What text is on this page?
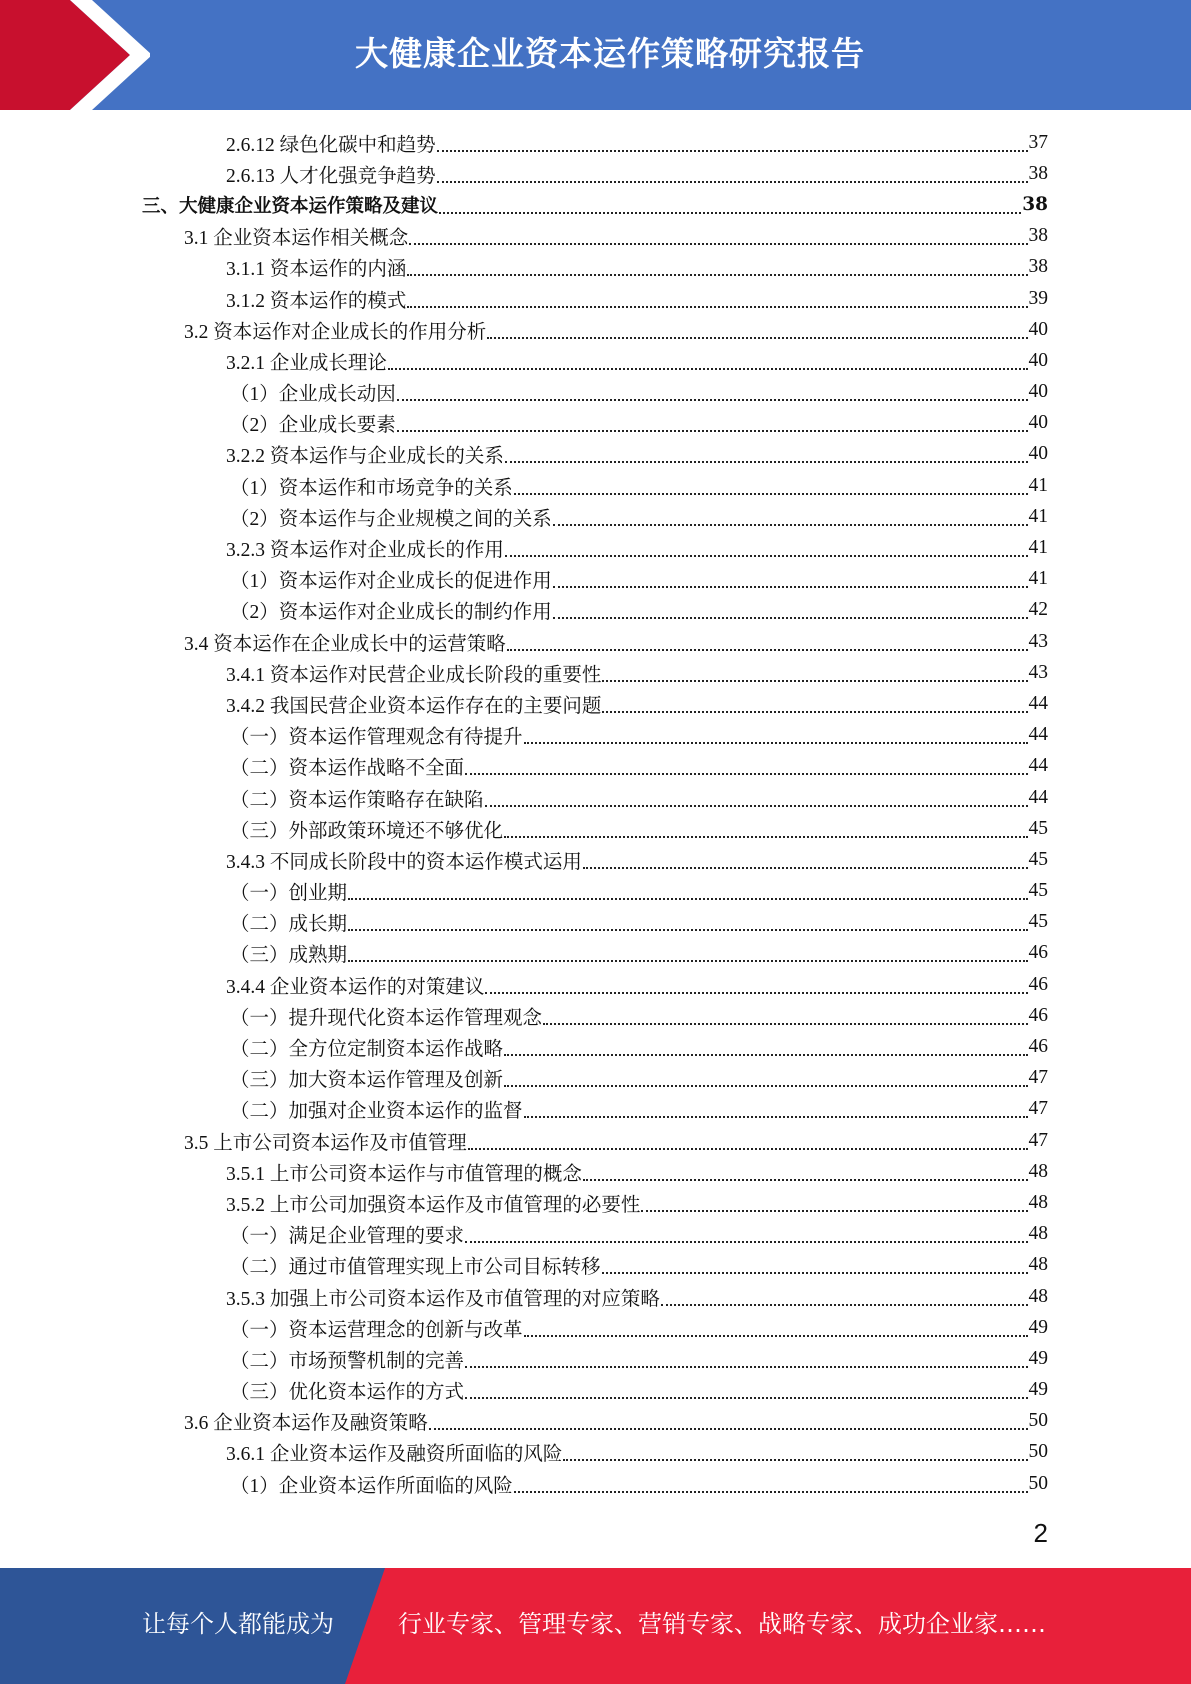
大健康企业资本运作策略研究报告
2.6.12 绿色化碳中和趋势	37
2.6.13 人才化强竞争趋势	38
三、大健康企业资本运作策略及建议	38
3.1 企业资本运作相关概念	38
3.1.1 资本运作的内涵	38
3.1.2 资本运作的模式	39
3.2 资本运作对企业成长的作用分析	40
3.2.1 企业成长理论	40
（1）企业成长动因	40
（2）企业成长要素	40
3.2.2 资本运作与企业成长的关系	40
（1）资本运作和市场竞争的关系	41
（2）资本运作与企业规模之间的关系	41
3.2.3 资本运作对企业成长的作用	41
（1）资本运作对企业成长的促进作用	41
（2）资本运作对企业成长的制约作用	42
3.4 资本运作在企业成长中的运营策略	43
3.4.1 资本运作对民营企业成长阶段的重要性	43
3.4.2 我国民营企业资本运作存在的主要问题	44
（一）资本运作管理观念有待提升	44
（二）资本运作战略不全面	44
（二）资本运作策略存在缺陷	44
（三）外部政策环境还不够优化	45
3.4.3 不同成长阶段中的资本运作模式运用	45
（一）创业期	45
（二）成长期	45
（三）成熟期	46
3.4.4 企业资本运作的对策建议	46
（一）提升现代化资本运作管理观念	46
（二）全方位定制资本运作战略	46
（三）加大资本运作管理及创新	47
（二）加强对企业资本运作的监督	47
3.5 上市公司资本运作及市值管理	47
3.5.1 上市公司资本运作与市值管理的概念	48
3.5.2 上市公司加强资本运作及市值管理的必要性	48
（一）满足企业管理的要求	48
（二）通过市值管理实现上市公司目标转移	48
3.5.3 加强上市公司资本运作及市值管理的对应策略	48
（一）资本运营理念的创新与改革	49
（二）市场预警机制的完善	49
（三）优化资本运作的方式	49
3.6 企业资本运作及融资策略	50
3.6.1 企业资本运作及融资所面临的风险	50
（1）企业资本运作所面临的风险	50
2
让每个人都能成为	行业专家、管理专家、营销专家、战略专家、成功企业家……
